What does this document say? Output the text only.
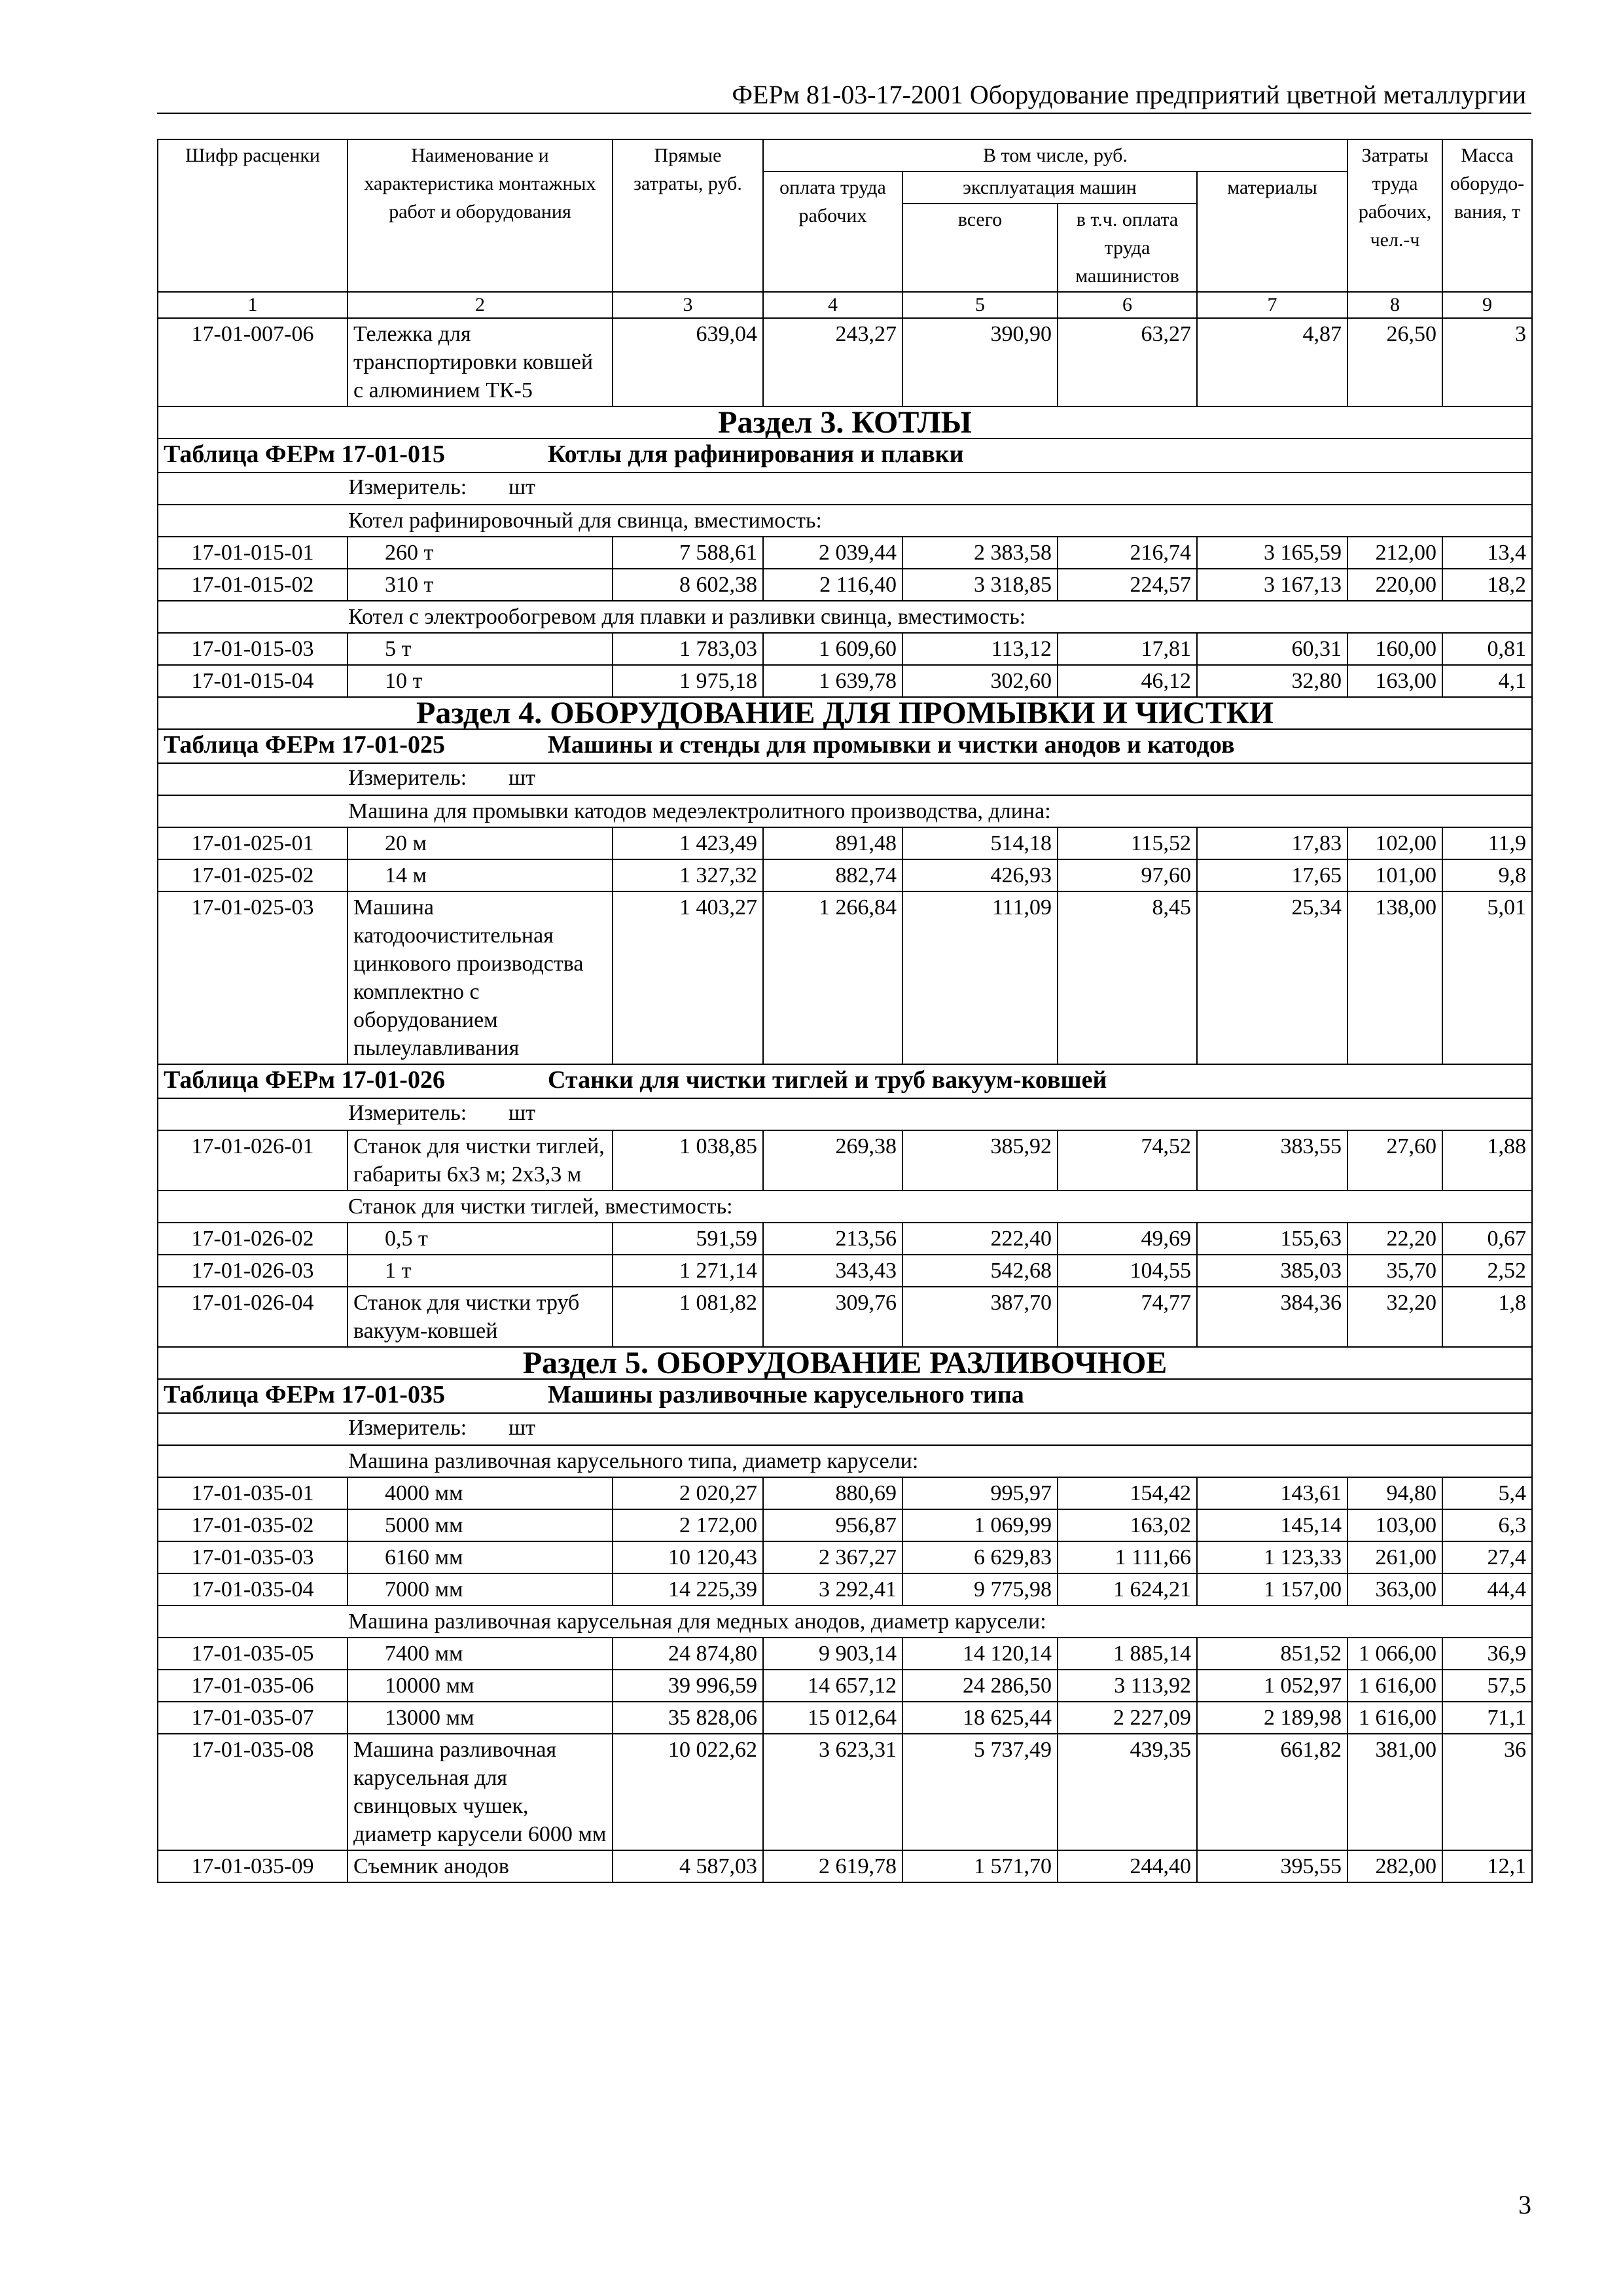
ФЕРм 81-03-17-2001 Оборудование предприятий цветной металлургии
Шифр расценки	Наименование и характеристика монтажных работ и оборудования	Прямые затраты, руб.	В том числе, руб.				Затраты труда рабочих, чел.-ч	Масса оборудо-вания, т
			оплата труда рабочих	эксплуатация машин		материалы		
				всего	в т.ч. оплата труда машинистов			
1	2	3	4	5	6	7	8	9
17-01-007-06	Тележка для транспортировки ковшей с алюминием ТК-5	639,04	243,27	390,90	63,27	4,87	26,50	3
Раздел 3. КОТЛЫ								

Таблица ФЕРм 17-01-015 Котлы для рафинирования и плавки								

Измеритель: шт								

Котел рафинировочный для свинца, вместимость:								
17-01-015-01	260 т	7 588,61	2 039,44	2 383,58	216,74	3 165,59	212,00	13,4
17-01-015-02	310 т	8 602,38	2 116,40	3 318,85	224,57	3 167,13	220,00	18,2
Котел с электрообогревом для плавки и разливки свинца, вместимость:								
17-01-015-03	5 т	1 783,03	1 609,60	113,12	17,81	60,31	160,00	0,81
17-01-015-04	10 т	1 975,18	1 639,78	302,60	46,12	32,80	163,00	4,1
Раздел 4. ОБОРУДОВАНИЕ ДЛЯ ПРОМЫВКИ И ЧИСТКИ								

Таблица ФЕРм 17-01-025 Машины и стенды для промывки и чистки анодов и катодов								

Измеритель: шт								

Машина для промывки катодов медеэлектролитного производства, длина:								
17-01-025-01	20 м	1 423,49	891,48	514,18	115,52	17,83	102,00	11,9
17-01-025-02	14 м	1 327,32	882,74	426,93	97,60	17,65	101,00	9,8
17-01-025-03	Машина катодоочистительная цинкового производства комплектно с оборудованием пылеулавливания	1 403,27	1 266,84	111,09	8,45	25,34	138,00	5,01

Таблица ФЕРм 17-01-026 Станки для чистки тиглей и труб вакуум-ковшей								

Измеритель: шт								

17-01-026-01	Станок для чистки тиглей, габариты 6х3 м; 2х3,3 м	1 038,85	269,38	385,92	74,52	383,55	27,60	1,88
Станок для чистки тиглей, вместимость:								
17-01-026-02	0,5 т	591,59	213,56	222,40	49,69	155,63	22,20	0,67
17-01-026-03	1 т	1 271,14	343,43	542,68	104,55	385,03	35,70	2,52
17-01-026-04	Станок для чистки труб вакуум-ковшей	1 081,82	309,76	387,70	74,77	384,36	32,20	1,8
Раздел 5. ОБОРУДОВАНИЕ РАЗЛИВОЧНОЕ								

Таблица ФЕРм 17-01-035 Машины разливочные карусельного типа								

Измеритель: шт								

Машина разливочная карусельного типа, диаметр карусели:								
17-01-035-01	4000 мм	2 020,27	880,69	995,97	154,42	143,61	94,80	5,4
17-01-035-02	5000 мм	2 172,00	956,87	1 069,99	163,02	145,14	103,00	6,3
17-01-035-03	6160 мм	10 120,43	2 367,27	6 629,83	1 111,66	1 123,33	261,00	27,4
17-01-035-04	7000 мм	14 225,39	3 292,41	9 775,98	1 624,21	1 157,00	363,00	44,4
Машина разливочная карусельная для медных анодов, диаметр карусели:								
17-01-035-05	7400 мм	24 874,80	9 903,14	14 120,14	1 885,14	851,52	1 066,00	36,9
17-01-035-06	10000 мм	39 996,59	14 657,12	24 286,50	3 113,92	1 052,97	1 616,00	57,5
17-01-035-07	13000 мм	35 828,06	15 012,64	18 625,44	2 227,09	2 189,98	1 616,00	71,1
17-01-035-08	Машина разливочная карусельная для свинцовых чушек, диаметр карусели 6000 мм	10 022,62	3 623,31	5 737,49	439,35	661,82	381,00	36
17-01-035-09	Съемник анодов	4 587,03	2 619,78	1 571,70	244,40	395,55	282,00	12,1
3
